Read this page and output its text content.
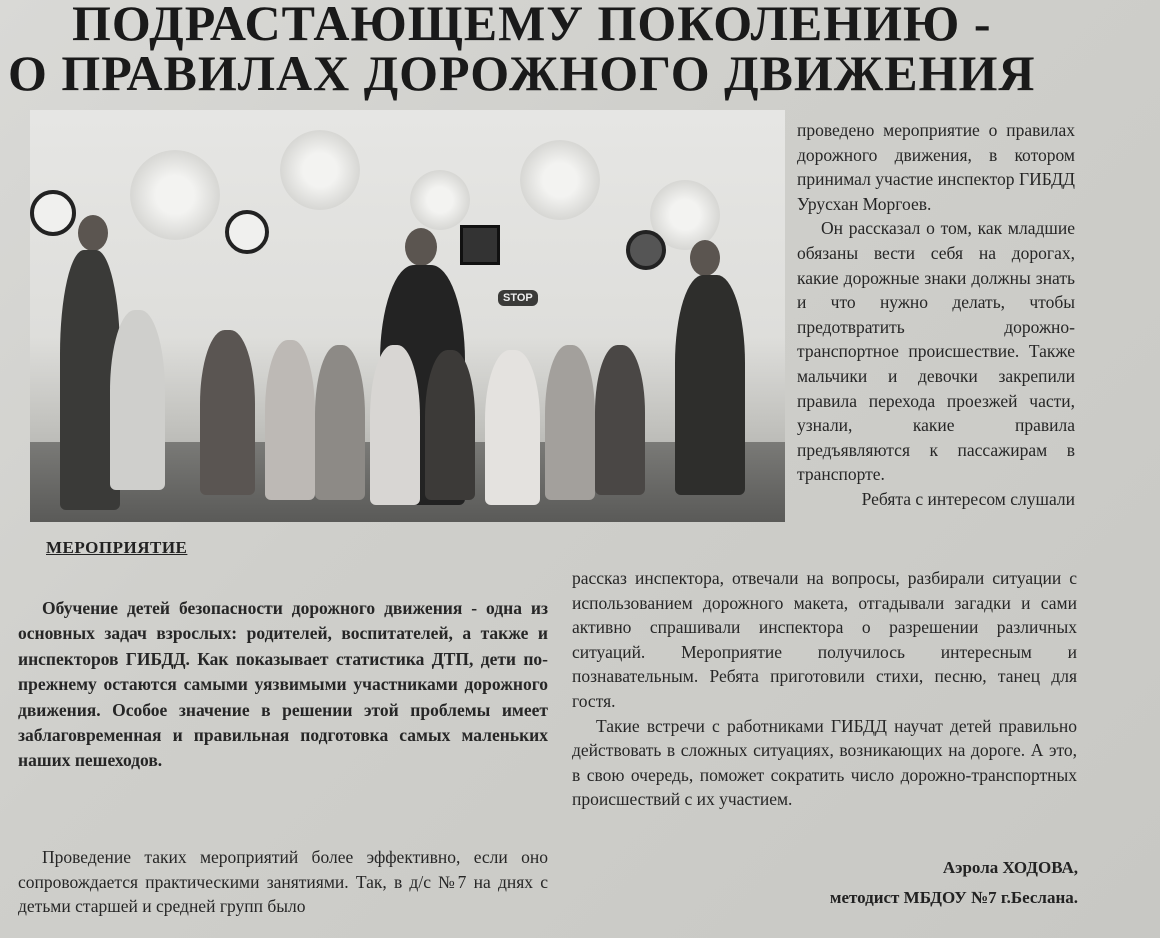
ПОДРАСТАЮЩЕМУ ПОКОЛЕНИЮ -
О ПРАВИЛАХ ДОРОЖНОГО ДВИЖЕНИЯ
STOP

проведено мероприятие о правилах дорожного движения, в котором принимал участие инспектор ГИБДД Урусхан Моргоев.

Он рассказал о том, как младшие обязаны вести себя на дорогах, какие дорожные знаки должны знать и что нужно делать, чтобы предотвратить дорожно-транспортное происшествие. Также мальчики и девочки закрепили правила перехода проезжей части, узнали, какие правила предъявляются к пассажирам в транспорте.

Ребята с интересом слушали

МЕРОПРИЯТИЕ

Обучение детей безопасности дорожного движения - одна из основных задач взрослых: родителей, воспитателей, а также и инспекторов ГИБДД. Как показывает статистика ДТП, дети по-прежнему остаются самыми уязвимыми участниками дорожного движения. Особое значение в решении этой проблемы имеет заблаговременная и правильная подготовка самых маленьких наших пешеходов.

Проведение таких мероприятий более эффективно, если оно сопровождается практическими занятиями. Так, в д/с №7 на днях с детьми старшей и средней групп было

рассказ инспектора, отвечали на вопросы, разбирали ситуации с использованием дорожного макета, отгадывали загадки и сами активно спрашивали инспектора о разрешении различных ситуаций. Мероприятие получилось интересным и познавательным. Ребята приготовили стихи, песню, танец для гостя.

Такие встречи с работниками ГИБДД научат детей правильно действовать в сложных ситуациях, возникающих на дороге. А это, в свою очередь, поможет сократить число дорожно-транспортных происшествий с их участием.

Аэрола ХОДОВА,

методист МБДОУ №7 г.Беслана.
